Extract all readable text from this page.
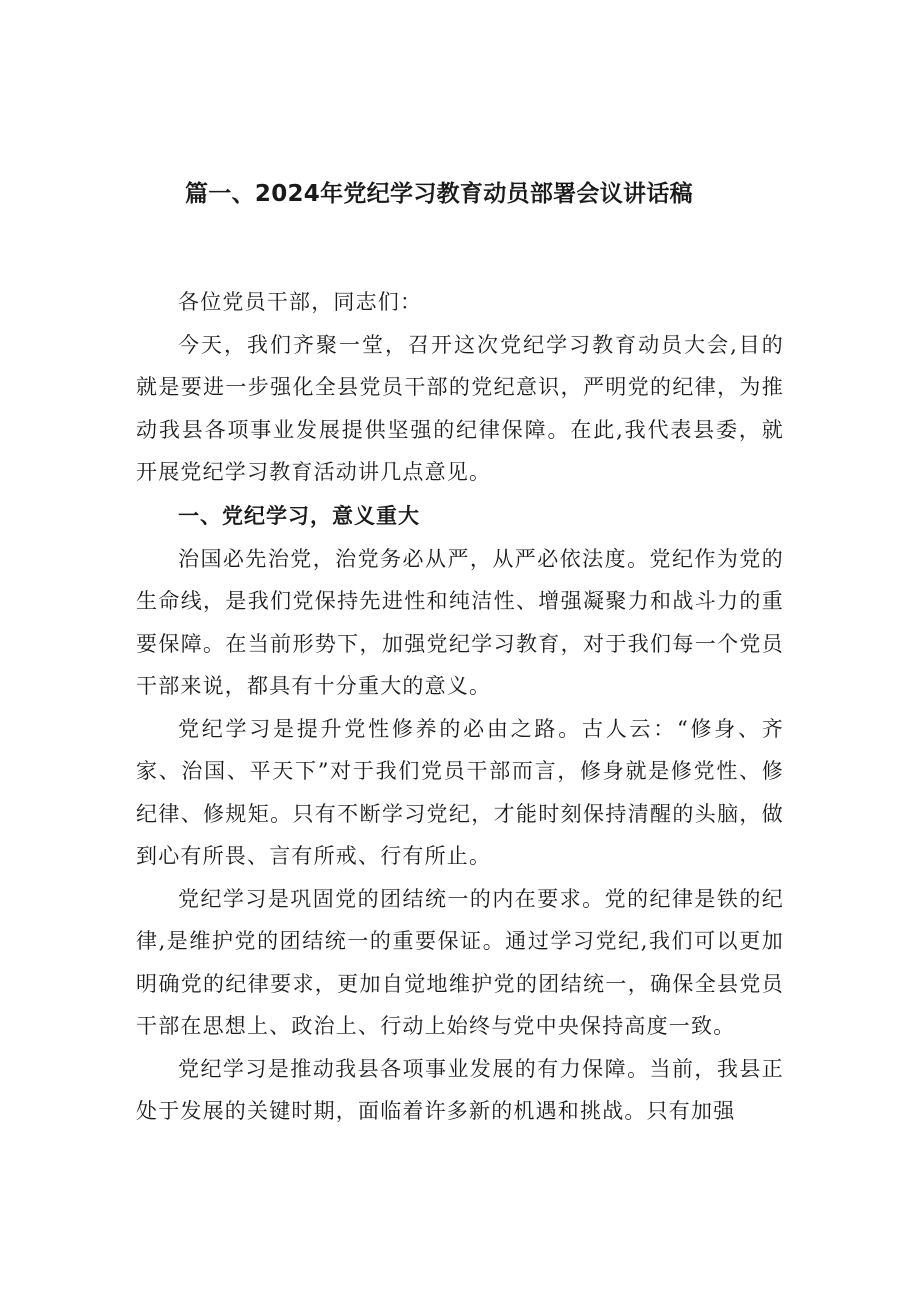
篇一、2024年党纪学习教育动员部署会议讲话稿

各位党员干部，同志们：

今天，我们齐聚一堂，召开这次党纪学习教育动员大会,目的就是要进一步强化全县党员干部的党纪意识，严明党的纪律，为推动我县各项事业发展提供坚强的纪律保障。在此,我代表县委，就开展党纪学习教育活动讲几点意见。

一、党纪学习，意义重大

治国必先治党，治党务必从严，从严必依法度。党纪作为党的生命线，是我们党保持先进性和纯洁性、增强凝聚力和战斗力的重要保障。在当前形势下，加强党纪学习教育，对于我们每一个党员干部来说，都具有十分重大的意义。

党纪学习是提升党性修养的必由之路。古人云：“修身、齐家、治国、平天下”对于我们党员干部而言，修身就是修党性、修纪律、修规矩。只有不断学习党纪，才能时刻保持清醒的头脑，做到心有所畏、言有所戒、行有所止。

党纪学习是巩固党的团结统一的内在要求。党的纪律是铁的纪律,是维护党的团结统一的重要保证。通过学习党纪,我们可以更加明确党的纪律要求，更加自觉地维护党的团结统一，确保全县党员干部在思想上、政治上、行动上始终与党中央保持高度一致。

党纪学习是推动我县各项事业发展的有力保障。当前，我县正处于发展的关键时期，面临着许多新的机遇和挑战。只有加强
